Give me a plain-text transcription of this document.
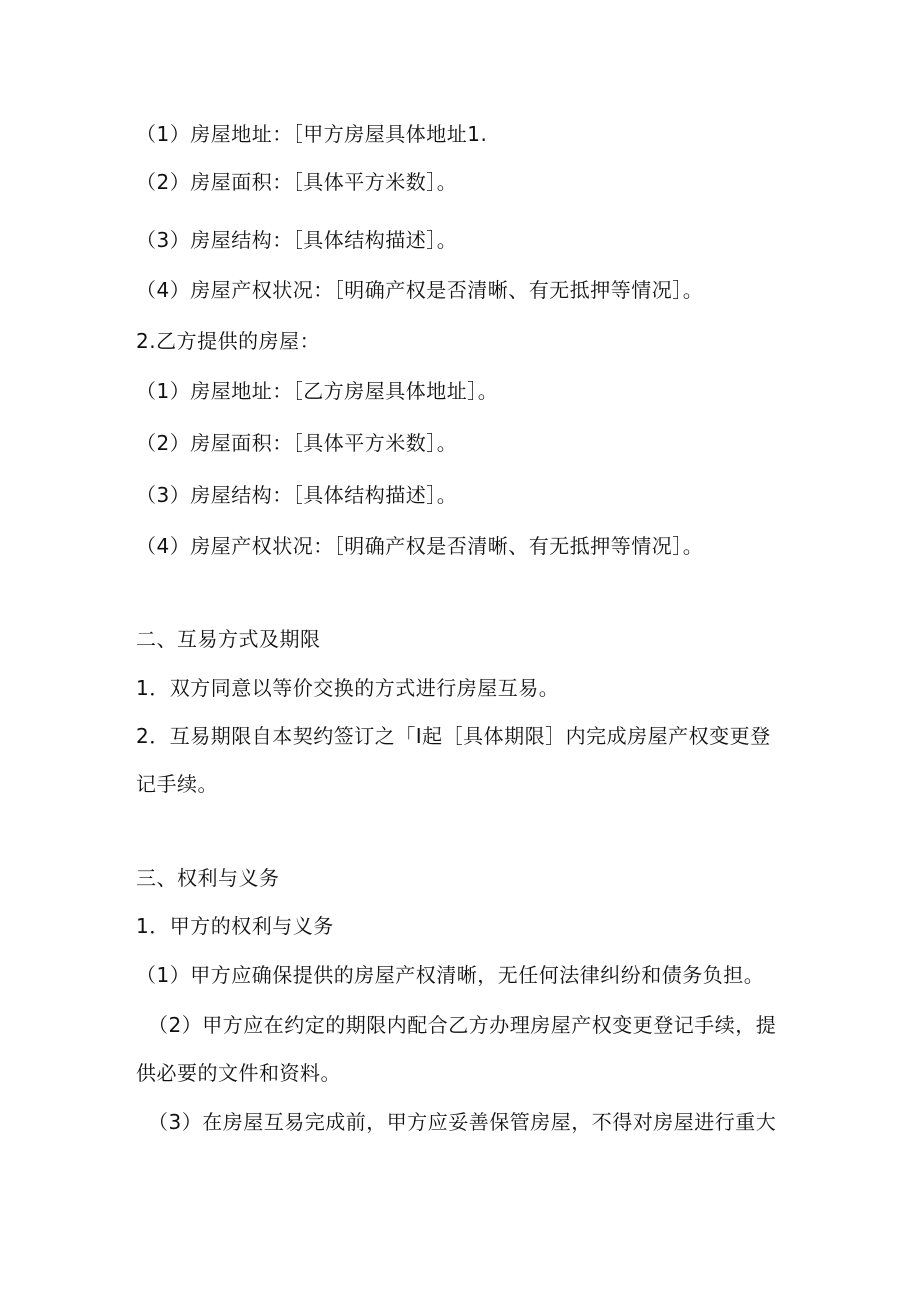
（1）房屋地址：［甲方房屋具体地址1.
（2）房屋面积：［具体平方米数］。
（3）房屋结构：［具体结构描述］。
（4）房屋产权状况：［明确产权是否清晰、有无抵押等情况］。
2.乙方提供的房屋：
（1）房屋地址：［乙方房屋具体地址］。
（2）房屋面积：［具体平方米数］。
（3）房屋结构：［具体结构描述］。
（4）房屋产权状况：［明确产权是否清晰、有无抵押等情况］。
二、互易方式及期限
1．双方同意以等价交换的方式进行房屋互易。
2．互易期限自本契约签订之「I起［具体期限］内完成房屋产权变更登
记手续。
三、权利与义务
1．甲方的权利与义务
（1）甲方应确保提供的房屋产权清晰，无任何法律纠纷和债务负担。
（2）甲方应在约定的期限内配合乙方办理房屋产权变更登记手续，提
供必要的文件和资料。
（3）在房屋互易完成前，甲方应妥善保管房屋，不得对房屋进行重大
